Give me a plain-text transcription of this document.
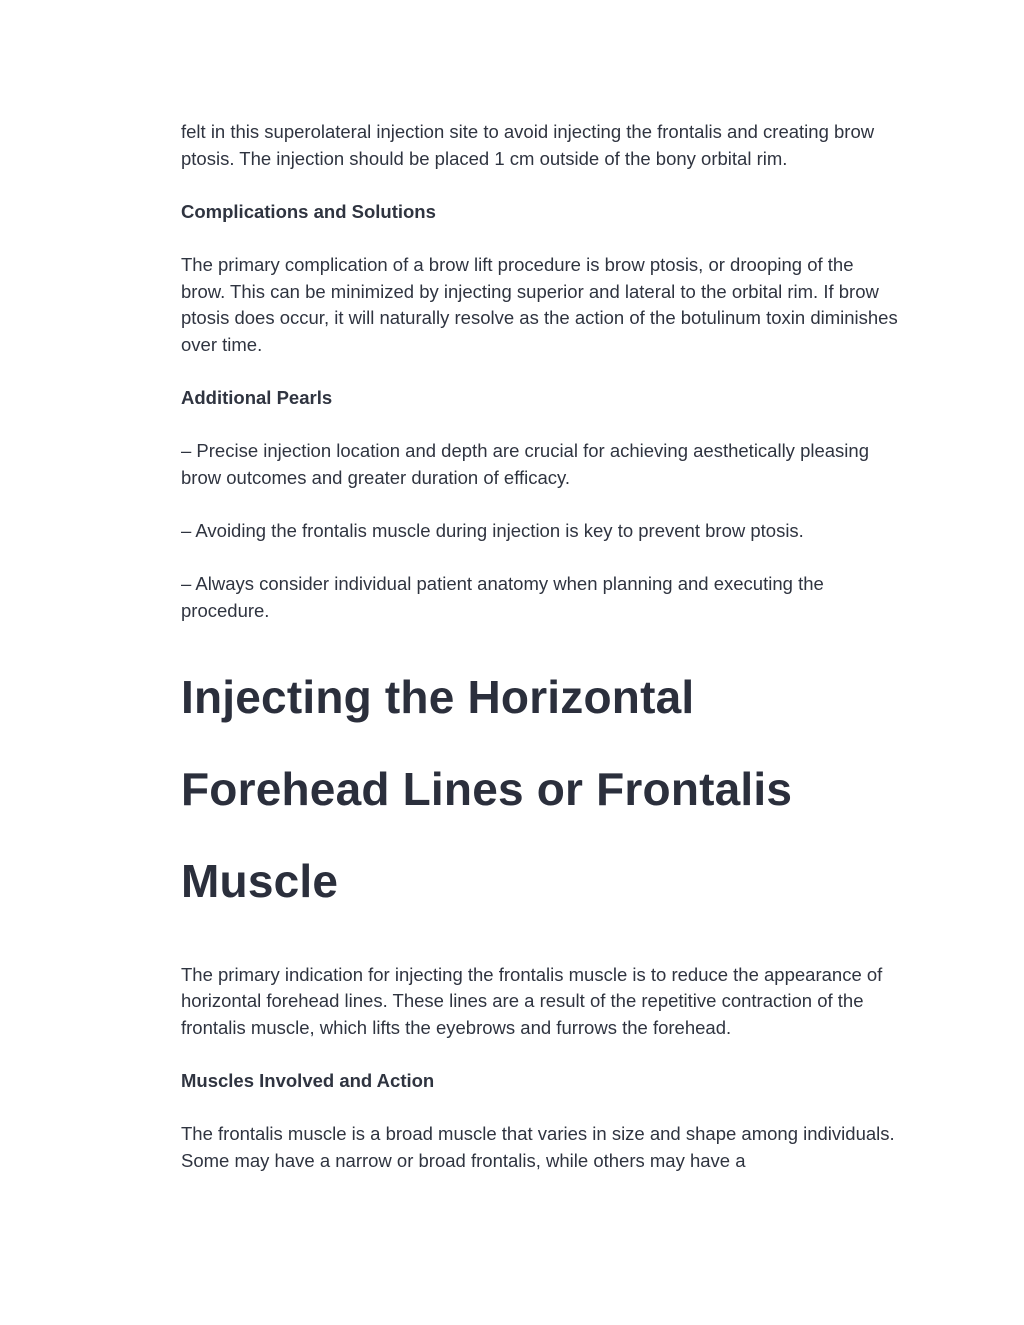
felt in this superolateral injection site to avoid injecting the frontalis and creating brow ptosis. The injection should be placed 1 cm outside of the bony orbital rim.

Complications and Solutions

The primary complication of a brow lift procedure is brow ptosis, or drooping of the brow. This can be minimized by injecting superior and lateral to the orbital rim. If brow ptosis does occur, it will naturally resolve as the action of the botulinum toxin diminishes over time.

Additional Pearls

– Precise injection location and depth are crucial for achieving aesthetically pleasing brow outcomes and greater duration of efficacy.

– Avoiding the frontalis muscle during injection is key to prevent brow ptosis.

– Always consider individual patient anatomy when planning and executing the procedure.

Injecting the Horizontal Forehead Lines or Frontalis Muscle

The primary indication for injecting the frontalis muscle is to reduce the appearance of horizontal forehead lines. These lines are a result of the repetitive contraction of the frontalis muscle, which lifts the eyebrows and furrows the forehead.

Muscles Involved and Action

The frontalis muscle is a broad muscle that varies in size and shape among individuals. Some may have a narrow or broad frontalis, while others may have a
